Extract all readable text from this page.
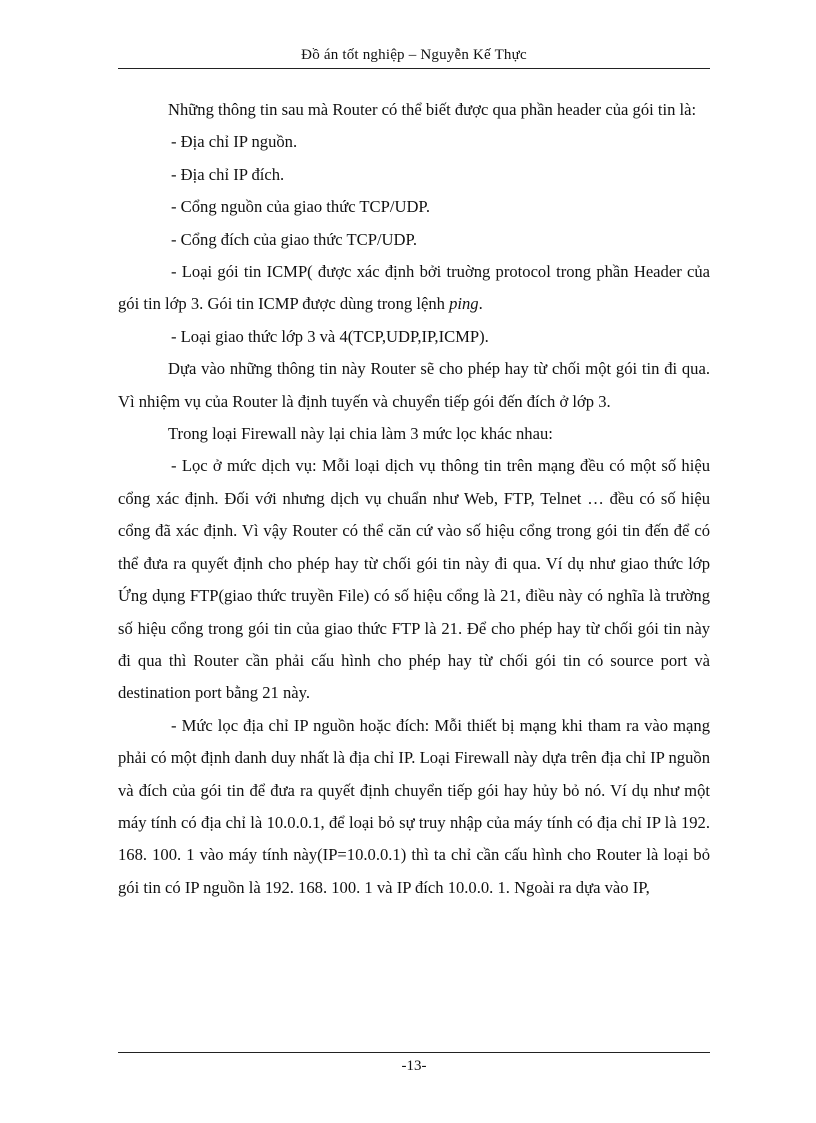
Đồ án tốt nghiệp – Nguyễn Kế Thực

Những thông tin sau mà Router có thể biết được qua phần header của gói tin là:

- Địa chỉ IP nguồn.

- Địa chỉ IP đích.

- Cổng nguồn của giao thức TCP/UDP.

- Cổng đích của giao thức TCP/UDP.

- Loại gói tin ICMP( được xác định bởi truờng protocol trong phần Header của gói tin lớp 3. Gói tin ICMP được dùng trong lệnh ping.

- Loại giao thức lớp 3 và 4(TCP,UDP,IP,ICMP).

Dựa vào những thông tin này Router sẽ cho phép hay từ chối một gói tin đi qua. Vì nhiệm vụ của Router là định tuyến và chuyển tiếp gói đến đích ở lớp 3.

Trong loại Firewall này lại chia làm 3 mức lọc khác nhau:

- Lọc ở mức dịch vụ: Mỗi loại dịch vụ thông tin trên mạng đều có một số hiệu cổng xác định. Đối với nhưng dịch vụ chuẩn như Web, FTP, Telnet … đều có số hiệu cổng đã xác định. Vì vậy Router có thể căn cứ vào số hiệu cổng trong gói tin đến để có thể đưa ra quyết định cho phép hay từ chối gói tin này đi qua. Ví dụ như giao thức lớp Ứng dụng FTP(giao thức truyền File) có số hiệu cổng là 21, điều này có nghĩa là trường số hiệu cổng trong gói tin của giao thức FTP là 21. Để cho phép hay từ chối gói tin này đi qua thì Router cần phải cấu hình cho phép hay từ chối gói tin có source port và destination port bằng 21 này.

- Mức lọc địa chỉ IP nguồn hoặc đích: Mỗi thiết bị mạng khi tham ra vào mạng phải có một định danh duy nhất là địa chỉ IP. Loại Firewall này dựa trên địa chỉ IP nguồn và đích của gói tin để đưa ra quyết định chuyển tiếp gói hay hủy bỏ nó. Ví dụ như một máy tính có địa chỉ là 10.0.0.1, để loại bỏ sự truy nhập của máy tính có địa chỉ IP là 192. 168. 100. 1 vào máy tính này(IP=10.0.0.1) thì ta chỉ cần cấu hình cho Router là loại bỏ gói tin có IP nguồn là 192. 168. 100. 1 và IP đích 10.0.0. 1. Ngoài ra dựa vào IP,

-13-
